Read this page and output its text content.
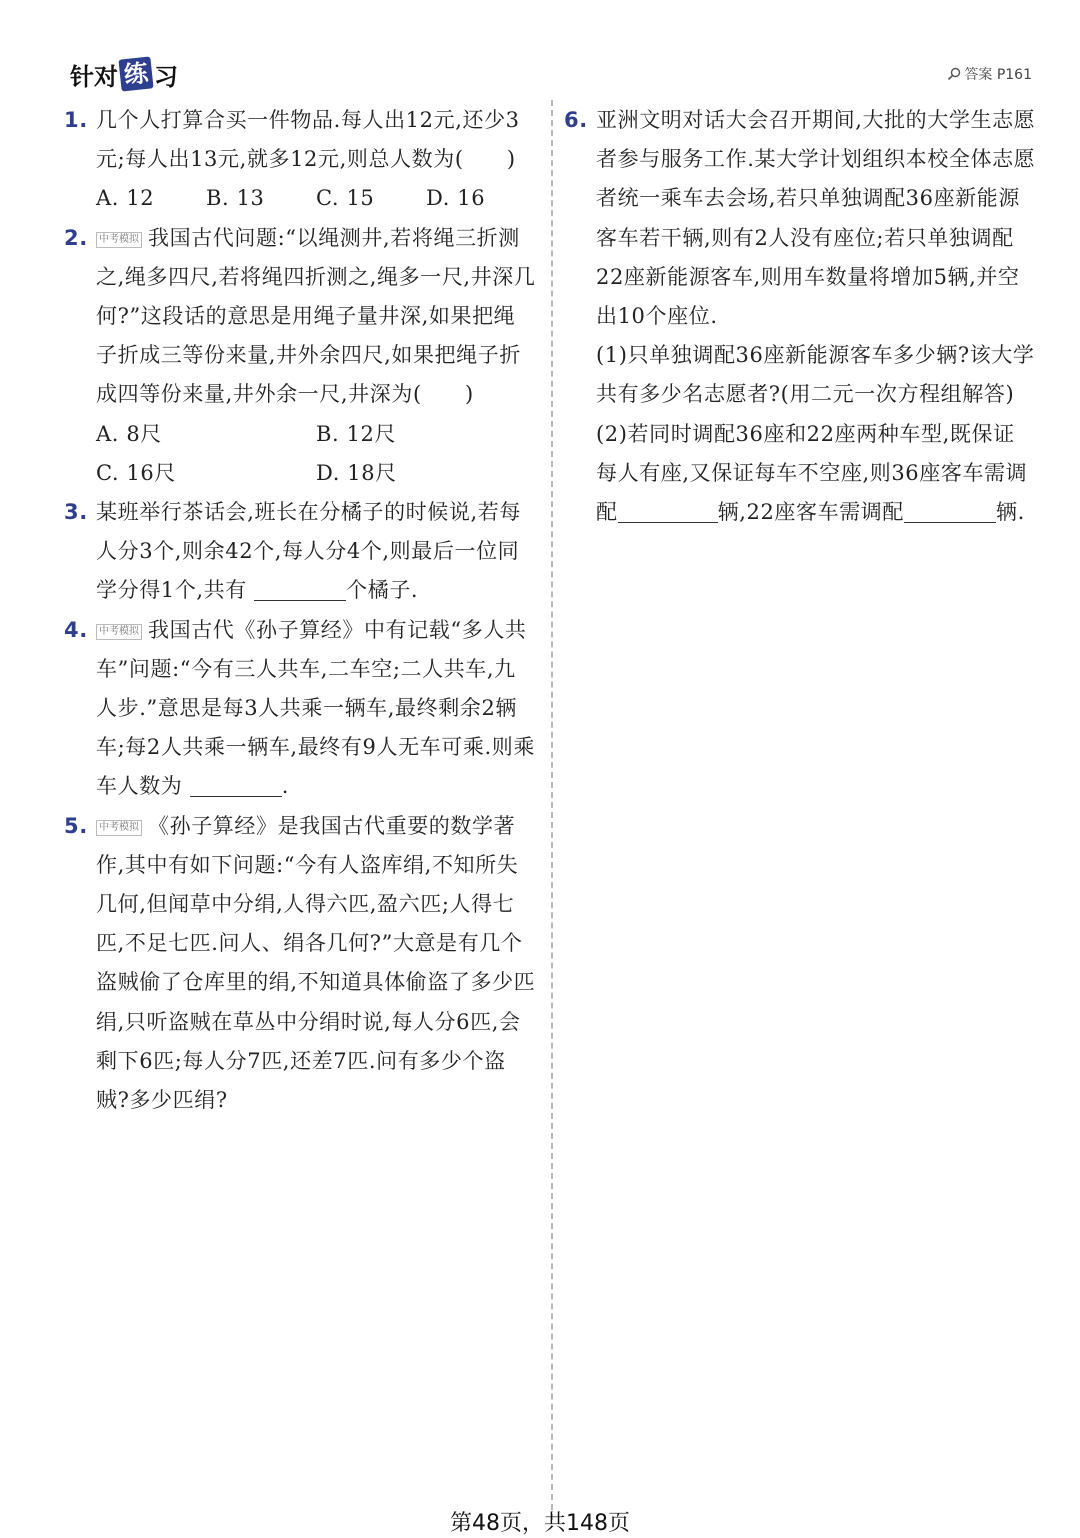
针对 练 习	答案 P161
1. 几个人打算合买一件物品.每人出12元,还少3元;每人出13元,就多12元,则总人数为(　　)
A. 12	B. 13	C. 15	D. 16
2.	中考模拟 我国古代问题:“以绳测井,若将绳三折测之,绳多四尺,若将绳四折测之,绳多一尺,井深几何?”这段话的意思是用绳子量井深,如果把绳子折成三等份来量,井外余四尺,如果把绳子折成四等份来量,井外余一尺,井深为(　　)
A. 8尺	B. 12尺
C. 16尺	D. 18尺
3. 某班举行茶话会,班长在分橘子的时候说,若每人分3个,则余42个,每人分4个,则最后一位同学分得1个,共有	个橘子.
4.	中考模拟 我国古代《孙子算经》中有记载“多人共车”问题:“今有三人共车,二车空;二人共车,九人步.”意思是每3人共乘一辆车,最终剩余2辆车;每2人共乘一辆车,最终有9人无车可乘.则乘车人数为	.
5.	中考模拟 《孙子算经》是我国古代重要的数学著作,其中有如下问题:“今有人盗库绢,不知所失几何,但闻草中分绢,人得六匹,盈六匹;人得七匹,不足七匹.问人、绢各几何?”大意是有几个盗贼偷了仓库里的绢,不知道具体偷盗了多少匹绢,只听盗贼在草丛中分绢时说,每人分6匹,会剩下6匹;每人分7匹,还差7匹.问有多少个盗贼?多少匹绢?
6. 亚洲文明对话大会召开期间,大批的大学生志愿者参与服务工作.某大学计划组织本校全体志愿者统一乘车去会场,若只单独调配36座新能源客车若干辆,则有2人没有座位;若只单独调配22座新能源客车,则用车数量将增加5辆,并空出10个座位.
(1)只单独调配36座新能源客车多少辆?该大学共有多少名志愿者?(用二元一次方程组解答)
(2)若同时调配36座和22座两种车型,既保证每人有座,又保证每车不空座,则36座客车需调配	辆,22座客车需调配	辆.
第48页，共148页
